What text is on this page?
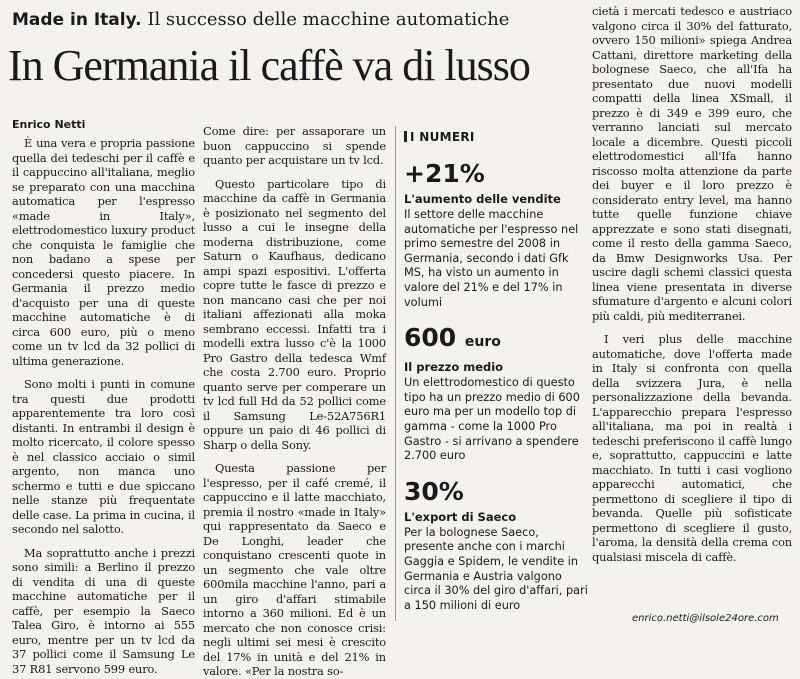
Made in Italy. Il successo delle macchine automatiche
In Germania il caffè va di lusso
Enrico Netti

È una vera e propria passione quella dei tedeschi per il caffè e il cappuccino all'italiana, meglio se preparato con una macchina automatica per l'espresso «made in Italy», elettrodomestico luxury product che conquista le famiglie che non badano a spese per concedersi questo piacere. In Germania il prezzo medio d'acquisto per una di queste macchine automatiche è di circa 600 euro, più o meno come un tv lcd da 32 pollici di ultima generazione.

Sono molti i punti in comune tra questi due prodotti apparentemente tra loro così distanti. In entrambi il design è molto ricercato, il colore spesso è nel classico acciaio o simil argento, non manca uno schermo e tutti e due spiccano nelle stanze più frequentate delle case. La prima in cucina, il secondo nel salotto.

Ma soprattutto anche i prezzi sono simili: a Berlino il prezzo di vendita di una di queste macchine automatiche per il caffè, per esempio la Saeco Talea Giro, è intorno ai 555 euro, mentre per un tv lcd da 37 pollici come il Samsung Le 37 R81 servono 599 euro.

Come dire: per assaporare un buon cappuccino si spende quanto per acquistare un tv lcd.

Questo particolare tipo di macchine da caffè in Germania è posizionato nel segmento del lusso a cui le insegne della moderna distribuzione, come Saturn o Kaufhaus, dedicano ampi spazi espositivi. L'offerta copre tutte le fasce di prezzo e non mancano casi che per noi italiani affezionati alla moka sembrano eccessi. Infatti tra i modelli extra lusso c'è la 1000 Pro Gastro della tedesca Wmf che costa 2.700 euro. Proprio quanto serve per comperare un tv lcd full Hd da 52 pollici come il Samsung Le-52A756R1 oppure un paio di 46 pollici di Sharp o della Sony.

Questa passione per l'espresso, per il café cremé, il cappuccino e il latte macchiato, premia il nostro «made in Italy» qui rappresentato da Saeco e De Longhi, leader che conquistano crescenti quote in un segmento che vale oltre 600mila macchine l'anno, pari a un giro d'affari stimabile intorno a 360 milioni. Ed è un mercato che non conosce crisi: negli ultimi sei mesi è crescito del 17% in unità e del 21% in valore. «Per la nostra so-

I NUMERI
+21%
L'aumento delle vendite
Il settore delle macchine automatiche per l'espresso nel primo semestre del 2008 in Germania, secondo i dati Gfk MS, ha visto un aumento in valore del 21% e del 17% in volumi
600 euro
Il prezzo medio
Un elettrodomestico di questo tipo ha un prezzo medio di 600 euro ma per un modello top di gamma - come la 1000 Pro Gastro - si arrivano a spendere 2.700 euro
30%
L'export di Saeco
Per la bolognese Saeco, presente anche con i marchi Gaggia e Spidem, le vendite in Germania e Austria valgono circa il 30% del giro d'affari, pari a 150 milioni di euro

cietà i mercati tedesco e austriaco valgono circa il 30% del fatturato, ovvero 150 milioni» spiega Andrea Cattani, direttore marketing della bolognese Saeco, che all'Ifa ha presentato due nuovi modelli compatti della linea XSmall, il prezzo è di 349 e 399 euro, che verranno lanciati sul mercato locale a dicembre. Questi piccoli elettrodomestici all'Ifa hanno riscosso molta attenzione da parte dei buyer e il loro prezzo è considerato entry level, ma hanno tutte quelle funzione chiave apprezzate e sono stati disegnati, come il resto della gamma Saeco, da Bmw Designworks Usa. Per uscire dagli schemi classici questa linea viene presentata in diverse sfumature d'argento e alcuni colori più caldi, più mediterranei.

I veri plus delle macchine automatiche, dove l'offerta made in Italy si confronta con quella della svizzera Jura, è nella personalizzazione della bevanda. L'apparecchio prepara l'espresso all'italiana, ma poi in realtà i tedeschi preferiscono il caffè lungo e, soprattutto, cappuccini e latte macchiato. In tutti i casi vogliono apparecchi automatici, che permettono di scegliere il tipo di bevanda. Quelle più sofisticate permettono di scegliere il gusto, l'aroma, la densità della crema con qualsiasi miscela di caffè.

enrico.netti@ilsole24ore.com
